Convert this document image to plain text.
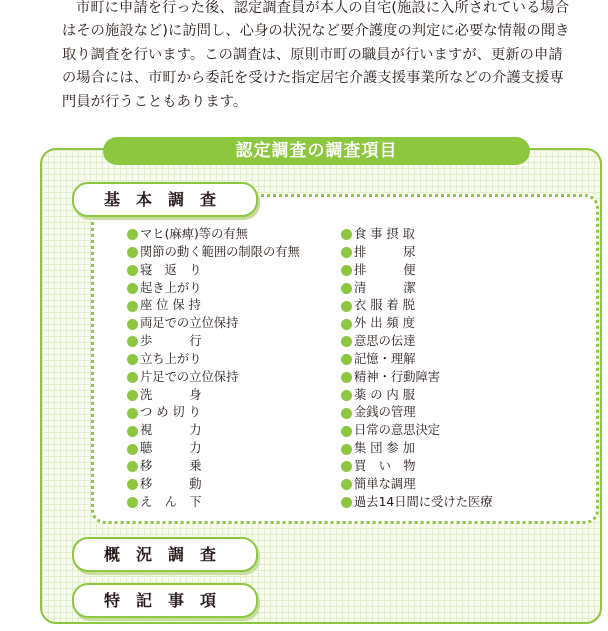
市町に申請を行った後、認定調査員が本人の自宅(施設に入所されている場合

はその施設など)に訪問し、心身の状況など要介護度の判定に必要な情報の聞き

取り調査を行います。この調査は、原則市町の職員が行いますが、更新の申請

の場合には、市町から委託を受けた指定居宅介護支援事業所などの介護支援専

門員が行うこともあります。

認定調査の調査項目
基本調査
概況調査
特記事項
マヒ(麻痺)等の有無
関節の動く範囲の制限の有無
寝　返　り
起き上がり
座 位 保 持
両足での立位保持
歩　　　行
立ち上がり
片足での立位保持
洗　　　身
つ め 切 り
視　　　力
聴　　　力
移　　　乗
移　　　動
え　ん　下
食 事 摂 取
排　　　尿
排　　　便
清　　　潔
衣 服 着 脱
外 出 頻 度
意思の伝達
記憶・理解
精神・行動障害
薬 の 内 服
金銭の管理
日常の意思決定
集 団 参 加
買　い　物
簡単な調理
過去14日間に受けた医療
